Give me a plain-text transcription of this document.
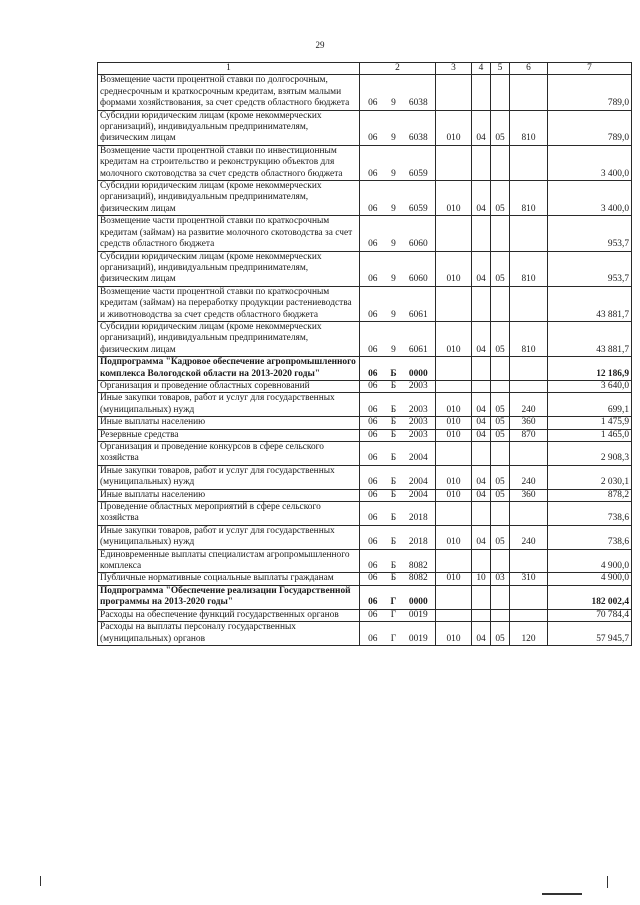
29
1	2			3	4	5	6	7
Возмещение части процентной ставки по долгосрочным, среднесрочным и краткосрочным кредитам, взятым малыми формами хозяйствования, за счет средств областного бюджета	06	9	6038					789,0
Субсидии юридическим лицам (кроме некоммерческих организаций), индивидуальным предпринимателям, физическим лицам	06	9	6038	010	04	05	810	789,0
Возмещение части процентной ставки по инвестиционным кредитам на строительство и реконструкцию объектов для молочного скотоводства за счет средств областного бюджета	06	9	6059					3 400,0
Субсидии юридическим лицам (кроме некоммерческих организаций), индивидуальным предпринимателям, физическим лицам	06	9	6059	010	04	05	810	3 400,0
Возмещение части процентной ставки по краткосрочным кредитам (займам) на развитие молочного скотоводства за счет средств областного бюджета	06	9	6060					953,7
Субсидии юридическим лицам (кроме некоммерческих организаций), индивидуальным предпринимателям, физическим лицам	06	9	6060	010	04	05	810	953,7
Возмещение части процентной ставки по краткосрочным кредитам (займам) на переработку продукции растениеводства и животноводства за счет средств областного бюджета	06	9	6061					43 881,7
Субсидии юридическим лицам (кроме некоммерческих организаций), индивидуальным предпринимателям, физическим лицам	06	9	6061	010	04	05	810	43 881,7
Подпрограмма "Кадровое обеспечение агропромышленного комплекса Вологодской области на 2013-2020 годы"	06	Б	0000					12 186,9
Организация и проведение областных соревнований	06	Б	2003					3 640,0
Иные закупки товаров, работ и услуг для государственных (муниципальных) нужд	06	Б	2003	010	04	05	240	699,1
Иные выплаты населению	06	Б	2003	010	04	05	360	1 475,9
Резервные средства	06	Б	2003	010	04	05	870	1 465,0
Организация и проведение конкурсов в сфере сельского хозяйства	06	Б	2004					2 908,3
Иные закупки товаров, работ и услуг для государственных (муниципальных) нужд	06	Б	2004	010	04	05	240	2 030,1
Иные выплаты населению	06	Б	2004	010	04	05	360	878,2
Проведение областных мероприятий в сфере сельского хозяйства	06	Б	2018					738,6
Иные закупки товаров, работ и услуг для государственных (муниципальных) нужд	06	Б	2018	010	04	05	240	738,6
Единовременные выплаты специалистам агропромышленного комплекса	06	Б	8082					4 900,0
Публичные нормативные социальные выплаты гражданам	06	Б	8082	010	10	03	310	4 900,0
Подпрограмма "Обеспечение реализации Государственной программы на 2013-2020 годы"	06	Г	0000					182 002,4
Расходы на обеспечение функций государственных органов	06	Г	0019					70 784,4
Расходы на выплаты персоналу государственных (муниципальных) органов	06	Г	0019	010	04	05	120	57 945,7
